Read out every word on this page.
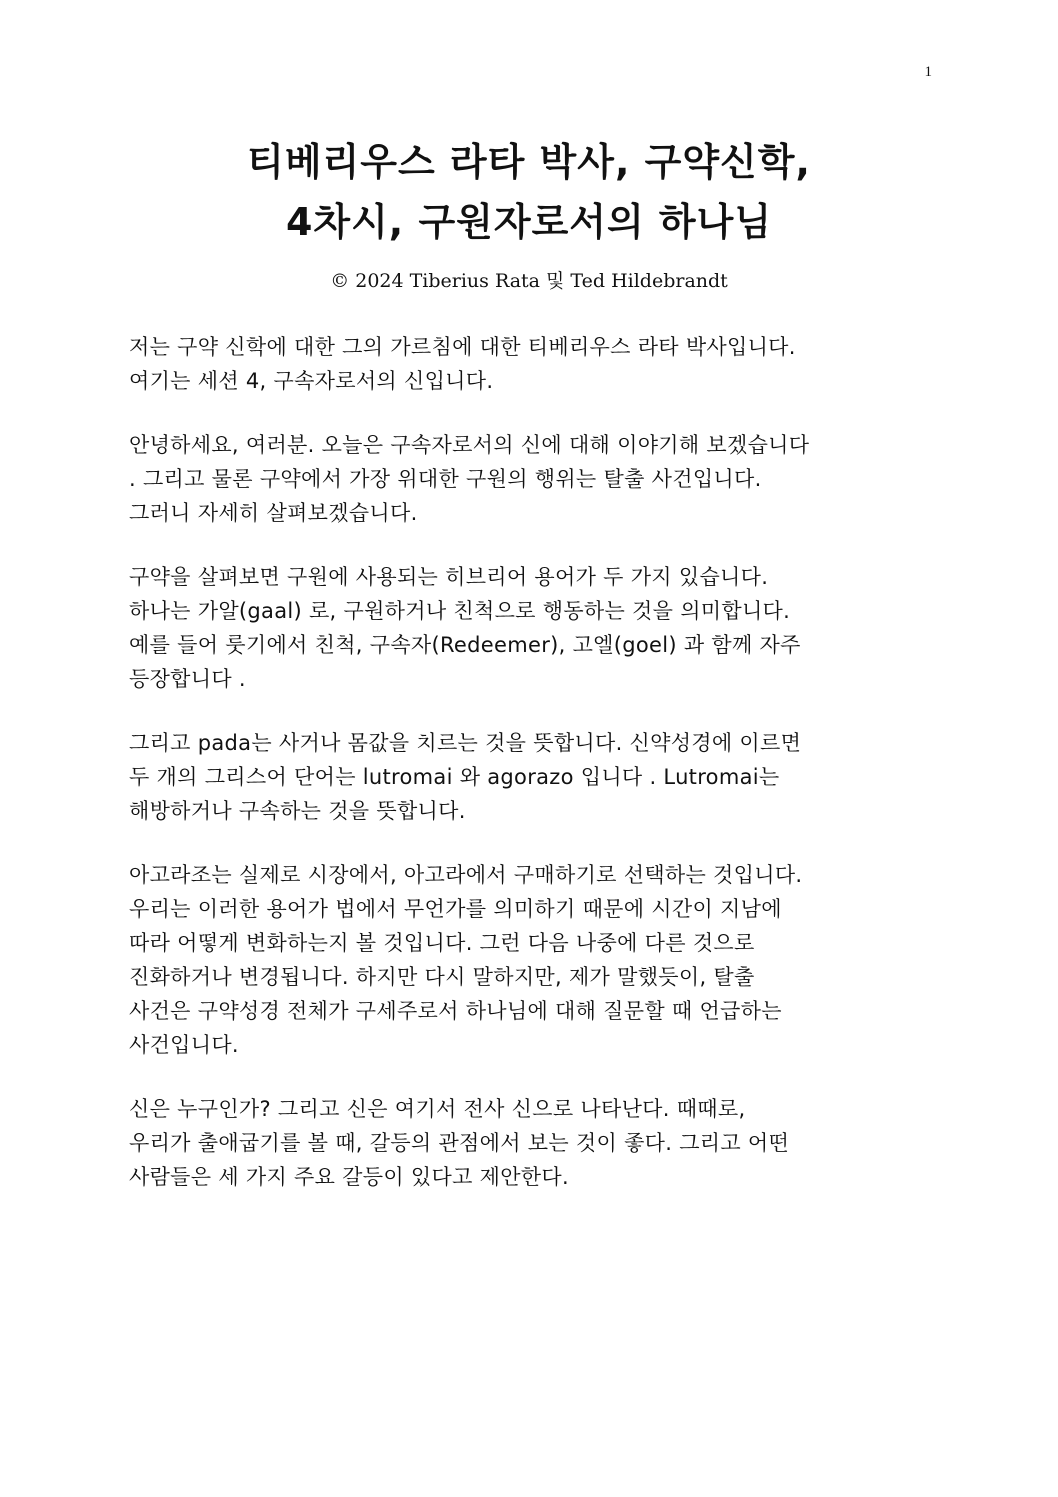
1
티베리우스 라타 박사, 구약신학,
4차시, 구원자로서의 하나님
© 2024 Tiberius Rata 및 Ted Hildebrandt
저는 구약 신학에 대한 그의 가르침에 대한 티베리우스 라타 박사입니다.
여기는 세션 4, 구속자로서의 신입니다.
안녕하세요, 여러분. 오늘은 구속자로서의 신에 대해 이야기해 보겠습니다
. 그리고 물론 구약에서 가장 위대한 구원의 행위는 탈출 사건입니다.
그러니 자세히 살펴보겠습니다.
구약을 살펴보면 구원에 사용되는 히브리어 용어가 두 가지 있습니다.
하나는 가알(gaal) 로, 구원하거나 친척으로 행동하는 것을 의미합니다.
예를 들어 룻기에서 친척, 구속자(Redeemer), 고엘(goel) 과 함께 자주
등장합니다 .
그리고 pada는 사거나 몸값을 치르는 것을 뜻합니다. 신약성경에 이르면
두 개의 그리스어 단어는 lutromai 와 agorazo 입니다 . Lutromai는
해방하거나 구속하는 것을 뜻합니다.
아고라조는 실제로 시장에서, 아고라에서 구매하기로 선택하는 것입니다.
우리는 이러한 용어가 법에서 무언가를 의미하기 때문에 시간이 지남에
따라 어떻게 변화하는지 볼 것입니다. 그런 다음 나중에 다른 것으로
진화하거나 변경됩니다. 하지만 다시 말하지만, 제가 말했듯이, 탈출
사건은 구약성경 전체가 구세주로서 하나님에 대해 질문할 때 언급하는
사건입니다.
신은 누구인가? 그리고 신은 여기서 전사 신으로 나타난다. 때때로,
우리가 출애굽기를 볼 때, 갈등의 관점에서 보는 것이 좋다. 그리고 어떤
사람들은 세 가지 주요 갈등이 있다고 제안한다.
